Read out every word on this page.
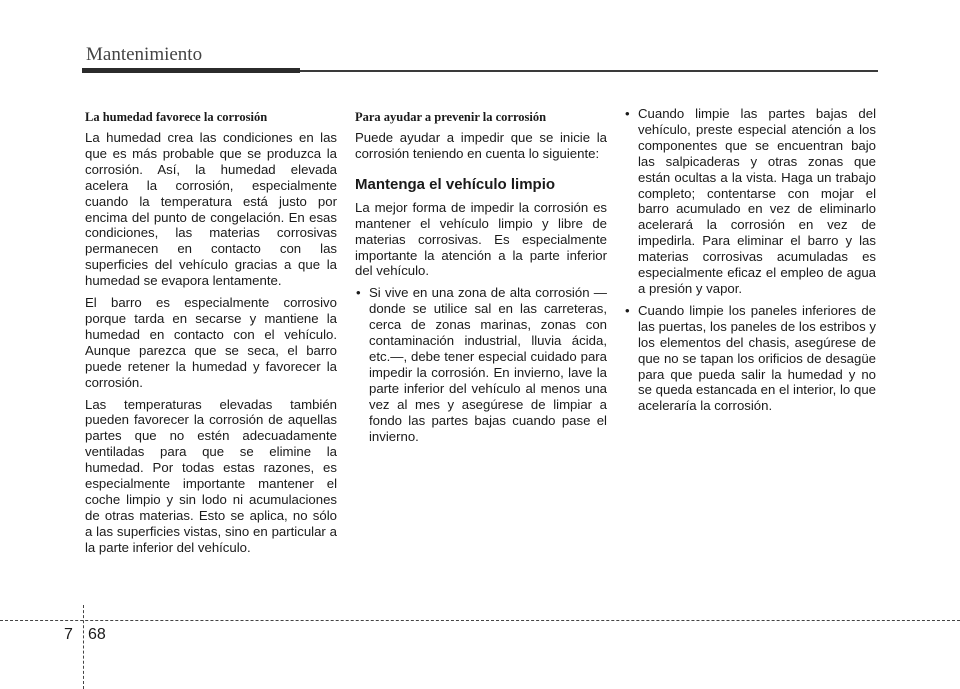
Mantenimiento
La humedad favorece la corrosión

La humedad crea las condiciones en las que es más probable que se produzca la corrosión. Así, la humedad elevada acelera la corrosión, especialmente cuando la temperatura está justo por encima del punto de congelación. En esas condiciones, las materias corrosivas permanecen en contacto con las superficies del vehículo gracias a que la humedad se evapora lentamente.

El barro es especialmente corrosivo porque tarda en secarse y mantiene la humedad en contacto con el vehículo. Aunque parezca que se seca, el barro puede retener la humedad y favorecer la corrosión.

Las temperaturas elevadas también pueden favorecer la corrosión de aquellas partes que no estén adecuadamente ventiladas para que se elimine la humedad. Por todas estas razones, es especialmente importante mantener el coche limpio y sin lodo ni acumulaciones de otras materias. Esto se aplica, no sólo a las superficies vistas, sino en particular a la parte inferior del vehículo.

Para ayudar a prevenir la corrosión

Puede ayudar a impedir que se inicie la corrosión teniendo en cuenta lo siguiente:

Mantenga el vehículo limpio

La mejor forma de impedir la corrosión es mantener el vehículo limpio y libre de materias corrosivas. Es especialmente importante la atención a la parte inferior del vehículo.

• Si vive en una zona de alta corrosión — donde se utilice sal en las carreteras, cerca de zonas marinas, zonas con contaminación industrial, lluvia ácida, etc.—, debe tener especial cuidado para impedir la corrosión. En invierno, lave la parte inferior del vehículo al menos una vez al mes y asegúrese de limpiar a fondo las partes bajas cuando pase el invierno.
• Cuando limpie las partes bajas del vehículo, preste especial atención a los componentes que se encuentran bajo las salpicaderas y otras zonas que están ocultas a la vista. Haga un trabajo completo; contentarse con mojar el barro acumulado en vez de eliminarlo acelerará la corrosión en vez de impedirla. Para eliminar el barro y las materias corrosivas acumuladas es especialmente eficaz el empleo de agua a presión y vapor.
• Cuando limpie los paneles inferiores de las puertas, los paneles de los estribos y los elementos del chasis, asegúrese de que no se tapan los orificios de desagüe para que pueda salir la humedad y no se queda estancada en el interior, lo que aceleraría la corrosión.
7 68
